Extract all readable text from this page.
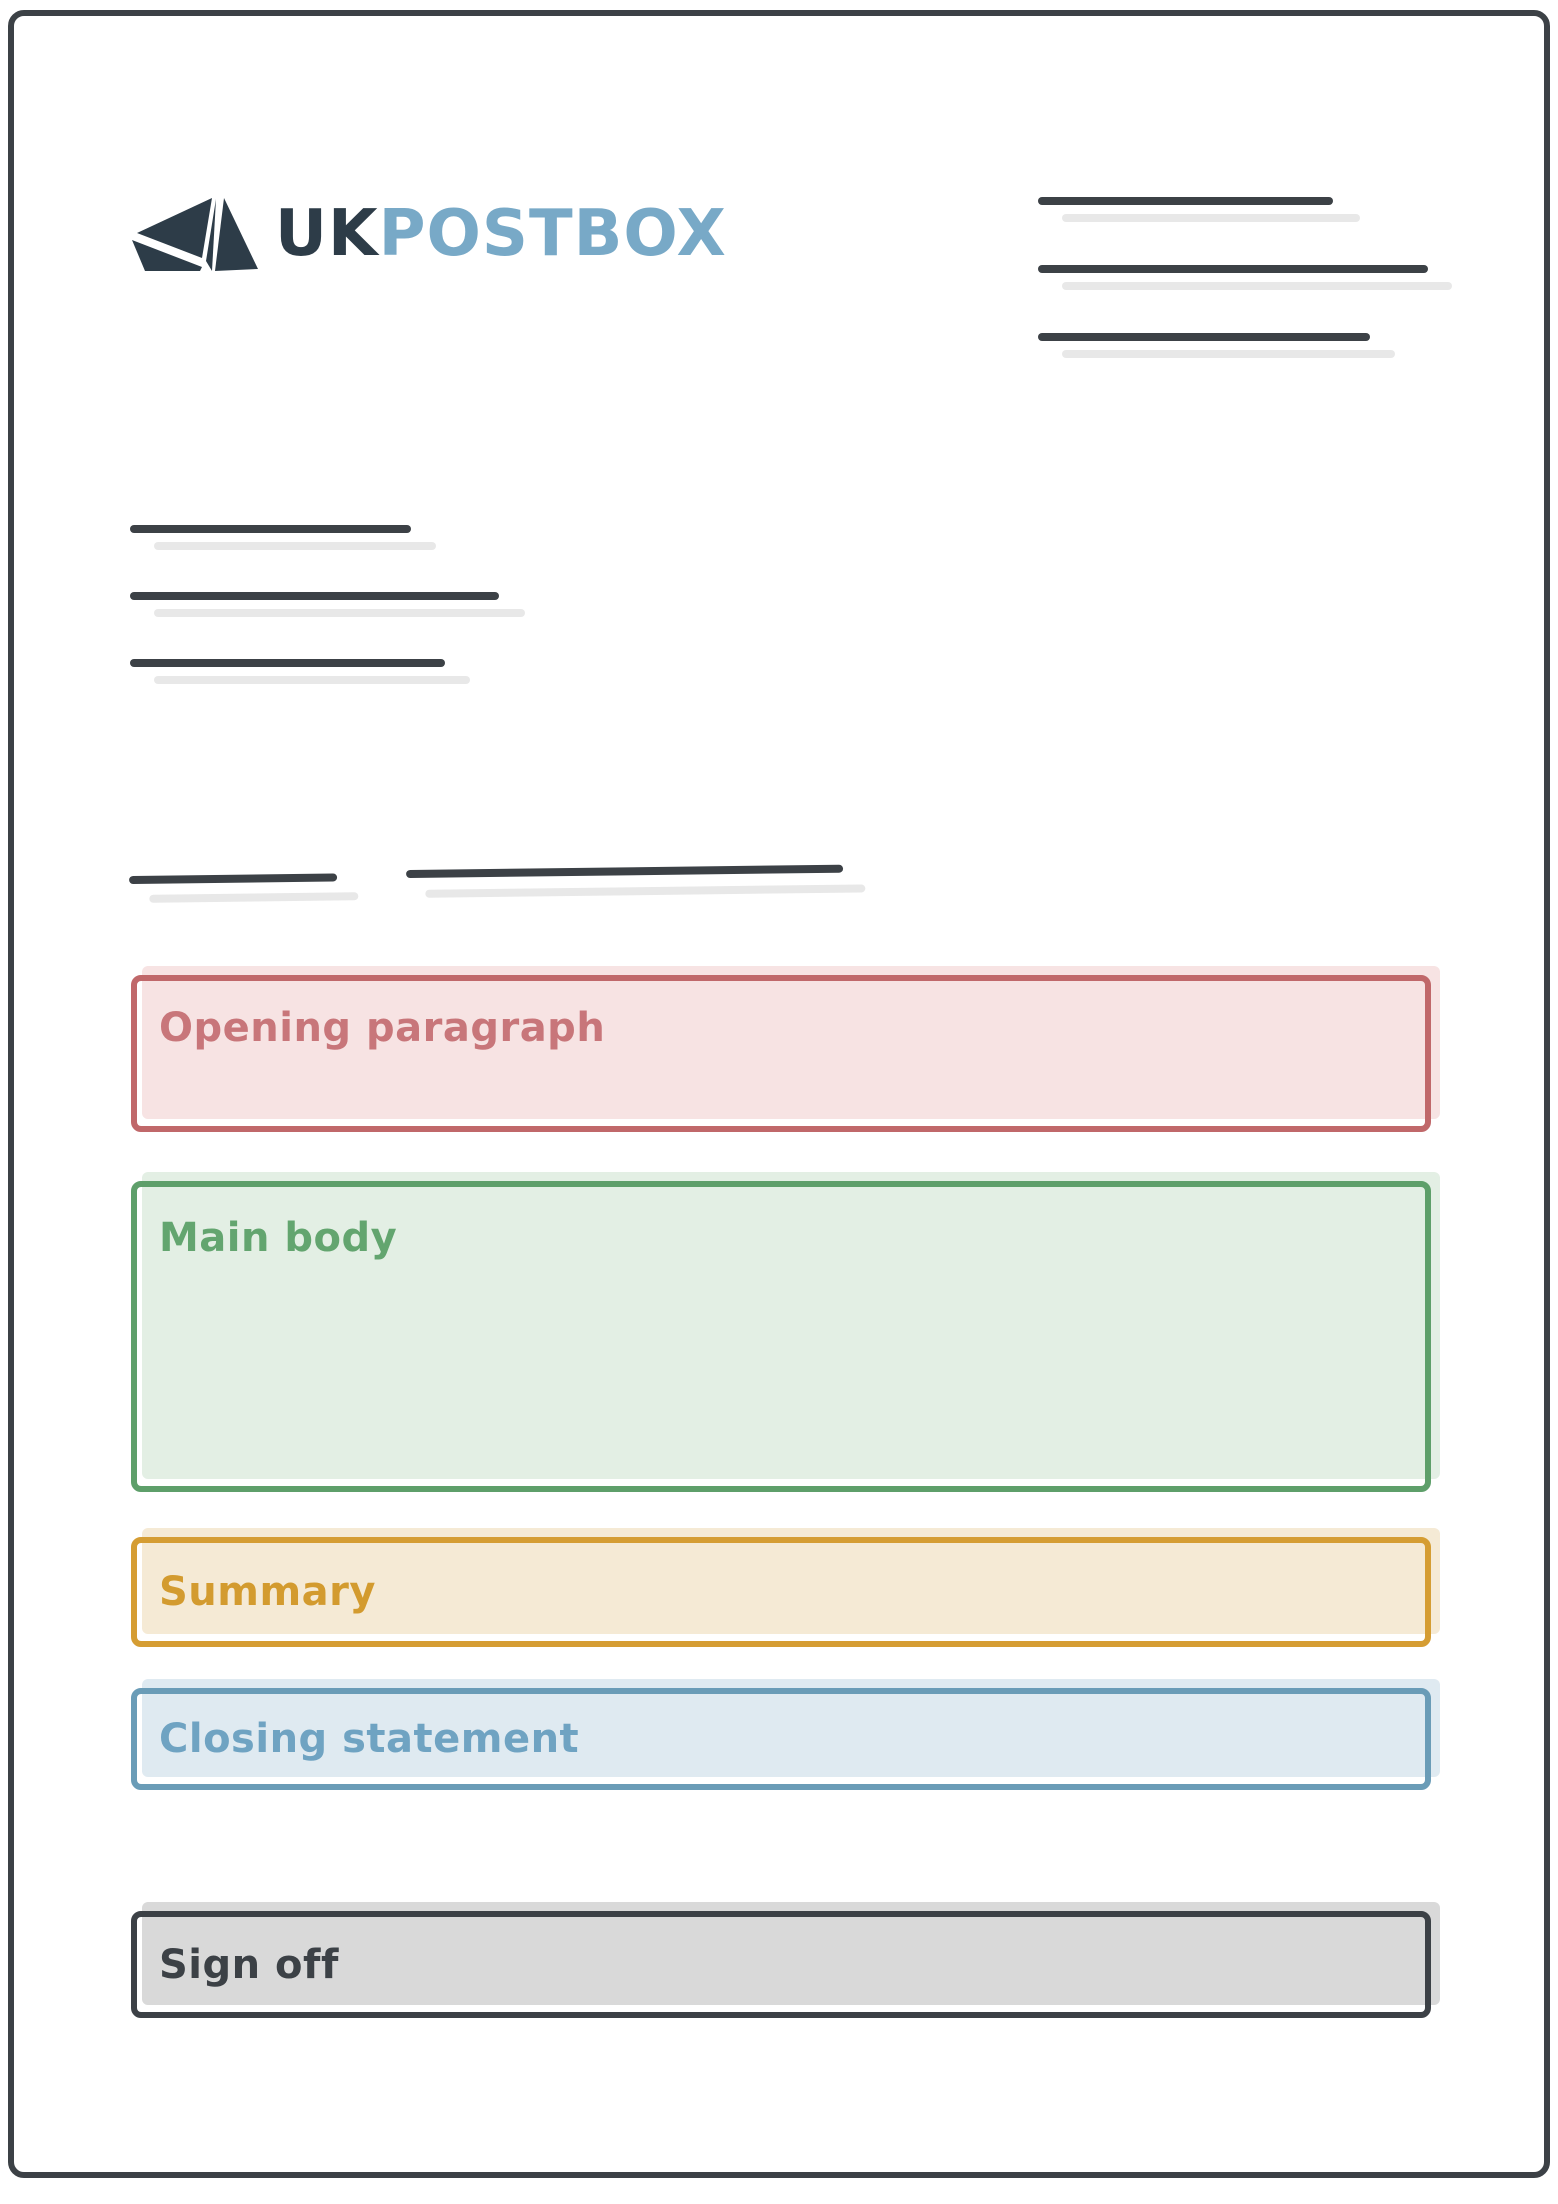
UKPOSTBOX
Opening paragraph
Main body
Summary
Closing statement
Sign off
